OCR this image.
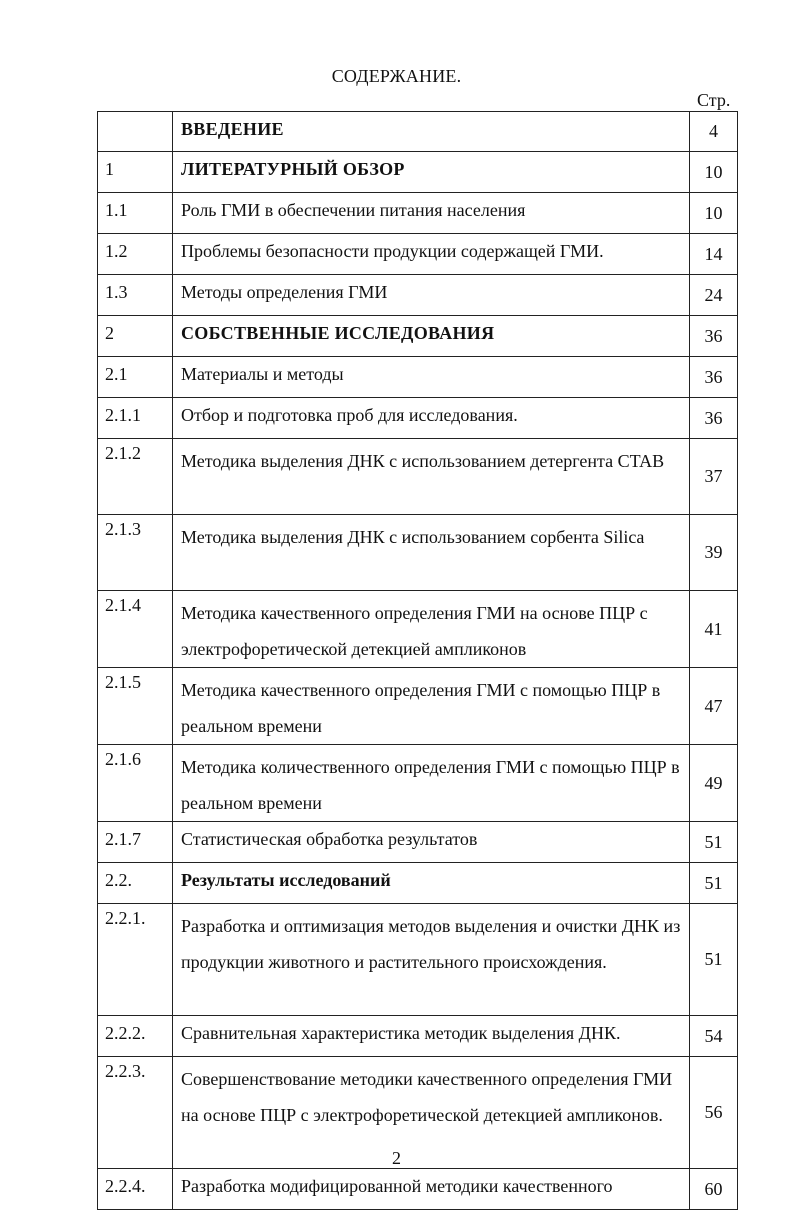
СОДЕРЖАНИЕ.
Стр.
	ВВЕДЕНИЕ	4
1	ЛИТЕРАТУРНЫЙ ОБЗОР	10
1.1	Роль ГМИ в обеспечении питания населения	10
1.2	Проблемы безопасности продукции содержащей ГМИ.	14
1.3	Методы определения ГМИ	24
2	СОБСТВЕННЫЕ ИССЛЕДОВАНИЯ	36
2.1	Материалы и методы	36
2.1.1	Отбор и подготовка проб для исследования.	36
2.1.2	Методика выделения ДНК с использованием детергента CTAB	37
2.1.3	Методика выделения ДНК с использованием сорбента Silica	39
2.1.4	Методика качественного определения ГМИ на основе ПЦР с электрофоретической детекцией ампликонов	41
2.1.5	Методика качественного определения ГМИ с помощью ПЦР в реальном времени	47
2.1.6	Методика количественного определения ГМИ с помощью ПЦР в реальном времени	49
2.1.7	Статистическая обработка результатов	51
2.2.	Результаты исследований	51
2.2.1.	Разработка и оптимизация методов выделения и очистки ДНК из продукции животного и растительного происхождения.	51
2.2.2.	Сравнительная характеристика методик выделения ДНК.	54
2.2.3.	Совершенствование методики качественного определения ГМИ на основе ПЦР с электрофоретической детекцией ампликонов.	56
2.2.4.	Разработка модифицированной методики качественного	60
2
